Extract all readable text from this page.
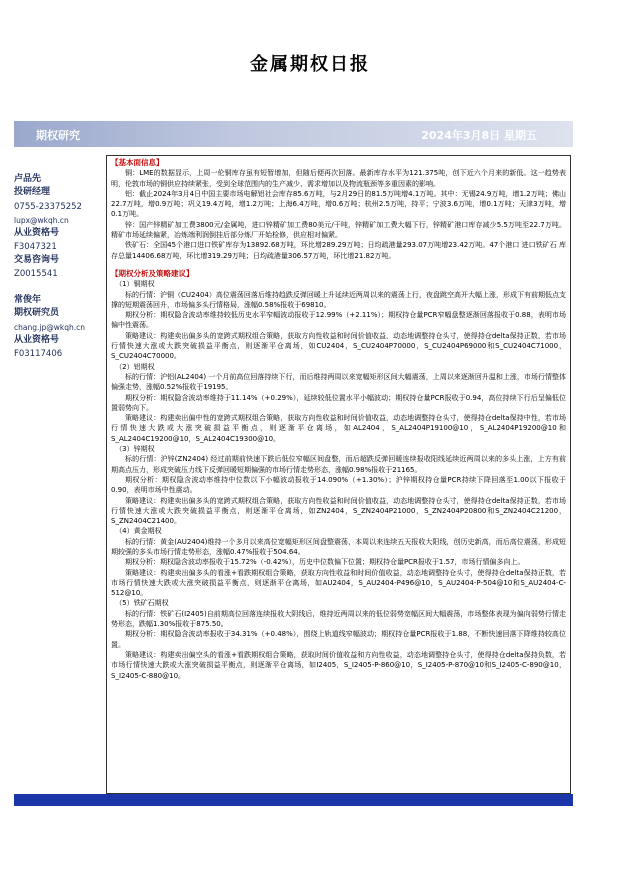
金属期权日报
期权研究	2024年3月8日 星期五
卢品先
投研经理
0755-23375252
lupx@wkqh.cn
从业资格号
F3047321
交易咨询号
Z0015541
常俊年
期权研究员
chang.jp@wkqh.cn
从业资格号
F03117406

【基本面信息】

铜：LME的数据显示，上周一伦铜库存虽有短暂增加，但随后便再次回落。最新库存水平为121.375吨，创下近六个月来的新低。这一趋势表明，伦敦市场的铜供应持续紧张，受到全球范围内的生产减少、需求增加以及物流瓶颈等多重因素的影响。

铝：截止2024年3月4日中国主要市场电解铝社会库存85.6万吨，与2月29日的81.5万吨增4.1万吨。其中：无锡24.9万吨，增1.2万吨；佛山22.7万吨，增0.9万吨；巩义19.4万吨，增1.2万吨；上海6.4万吨，增0.6万吨；杭州2.5万吨，持平；宁波3.6万吨，增0.1万吨；天津3万吨，增0.1万吨。

锌：国产锌精矿加工费3800元/金属吨，进口锌精矿加工费80美元/干吨，锌精矿加工费大幅下行，锌精矿港口库存减少5.5万吨至22.7万吨。精矿市场延续偏紧，冶炼端利润倒挂后部分炼厂开始检修，供应相对偏紧。

铁矿石：全国45个港口进口铁矿库存为13892.68万吨，环比增289.29万吨；日均疏港量293.07万吨增23.42万吨。47个港口 进口铁矿石 库存总量14406.68万吨，环比增319.29万吨；日均疏港量306.57万吨，环比增21.82万吨。

【期权分析及策略建议】

（1）铜期权

标的行情：沪铜（CU2404）高位震荡回落后维持趋跌反弹回暖上升延续近两周以来的震荡上行，夜盘跳空高开大幅上涨，形成下有前期低点支撑的短期震荡回升，市场偏多头行情格局，涨幅0.58%报收于69810。

期权分析：期权隐含波动率维持较低历史水平窄幅波动报收于12.99%（+2.11%）；期权持仓量PCR窄幅盘整逐渐回落报收于0.88，表明市场偏中性震荡。

策略建议：构建卖出偏多头的宽跨式期权组合策略，获取方向性收益和时间价值收益，动态地调整持仓头寸，使得持仓delta保持正数，若市场行情快速大涨或大跌突破损益平衡点，则逐渐平仓离场，如CU2404，S_CU2404P70000，S_CU2404P69000和S_CU2404C71000，S_CU2404C70000。

（2）铝期权

标的行情：沪铝(AL2404) 一个月前高位回落持续下行，而后维持两周以来宽幅矩形区间大幅震荡，上周以来逐渐回升温和上涨，市场行情整体偏强走势，涨幅0.52%报收于19195。

期权分析：期权隐含波动率维持于11.14%（+0.29%），延续较低位置水平小幅波动；期权持仓量PCR报收于0.94，高位持续下行后呈偏低位置弱势向下。

策略建议：构建卖出偏中性的宽跨式期权组合策略，获取方向性收益和时间价值收益，动态地调整持仓头寸，使得持仓delta保持中性，若市场行情快速大跌或大涨突破损益平衡点，则逐渐平仓离场，如AL2404，S_AL2404P19100@10，S_AL2404P19200@10和S_AL2404C19200@10，S_AL2404C19300@10。

（3）锌期权

标的行情：沪锌(ZN2404) 经过前期前快速下跌后低位窄幅区间盘整，而后超跌反弹回暖连续报收阳线延续近两周以来的多头上涨，上方有前期高点压力，形成突破压力线下反弹回暖短期偏强的市场行情走势形态，涨幅0.98%报收于21165。

期权分析：期权隐含波动率维持中位数以下小幅波动报收于14.090%（+1.30%）；沪锌期权持仓量PCR持续下降回落至1.00以下报收于0.90，表明市场中性震动。

策略建议：构建卖出偏多头的宽跨式期权组合策略，获取方向性收益和时间价值收益，动态地调整持仓头寸，使得持仓delta保持正数，若市场行情快速大涨或大跌突破损益平衡点，则逐渐平仓离场，如ZN2404，S_ZN2404P21000，S_ZN2404P20800和S_ZN2404C21200，S_ZN2404C21400。

（4）黄金期权

标的行情：黄金(AU2404)维持一个多月以来高位宽幅矩形区间盘整震荡，本周以来连续五天报收大阳线，创历史新高，而后高位震荡，形成短期较强的多头市场行情走势形态，涨幅0.47%报收于504.64。

期权分析：期权隐含波动率报收于15.72%（-0.42%），历史中位数偏下位置；期权持仓量PCR报收于1.57，市场行情偏多向上。

策略建议：构建卖出偏多头的看涨+看跌期权组合策略，获取方向性收益和时间价值收益，动态地调整持仓头寸，使得持仓delta保持正数，若市场行情快速大跌或大涨突破损益平衡点，则逐渐平仓离场，如AU2404，S_AU2404-P496@10，S_AU2404-P-504@10和S_AU2404-C-512@10。

（5）铁矿石期权

标的行情：铁矿石(I2405)自前期高位回落连续报收大阴线后，维持近两周以来的低位弱势宽幅区间大幅震荡，市场整体表现为偏向弱势行情走势形态，跌幅1.30%报收于875.50。

期权分析：期权隐含波动率报收于34.31%（+0.48%），围绕上轨道线窄幅波动；期权持仓量PCR报收于1.88，不断快速回落下降维持较高位置。

策略建议：构建卖出偏空头的看涨+看跌期权组合策略，获取时间价值收益和方向性收益，动态地调整持仓头寸，使得持仓delta保持负数，若市场行情快速大跌或大涨突破损益平衡点，则逐渐平仓离场，如I2405，S_I2405-P-860@10，S_I2405-P-870@10和S_I2405-C-890@10，S_I2405-C-880@10。
